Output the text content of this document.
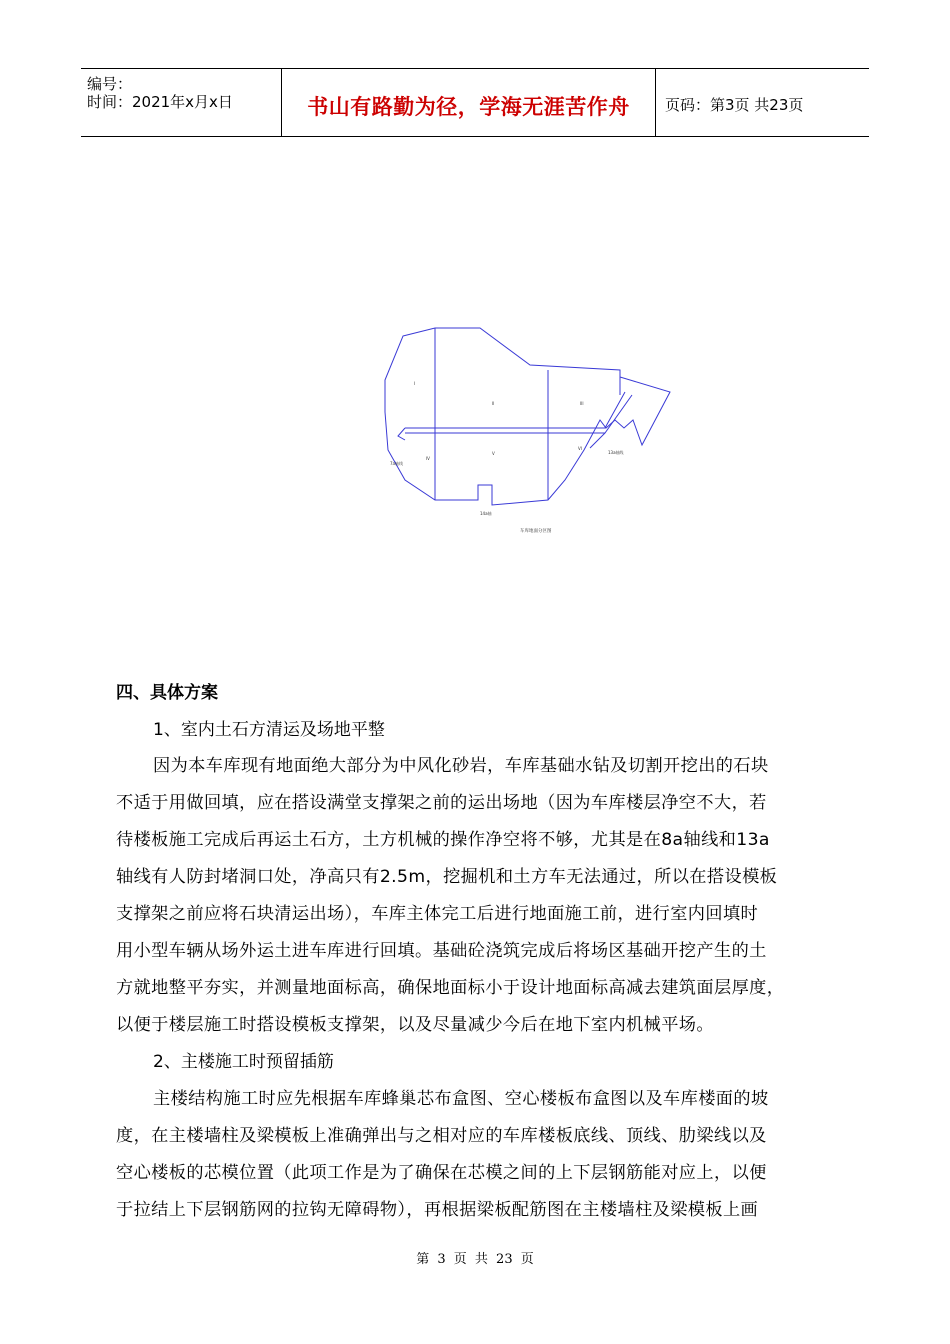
编号：
时间：2021年x月x日	书山有路勤为径，学海无涯苦作舟	页码：第3页 共23页
I
II	III
IV
V
VI
7a轴线
14a轴
13a轴线
车库地面分区图
四、具体方案
1、室内土石方清运及场地平整
因为本车库现有地面绝大部分为中风化砂岩，车库基础水钻及切割开挖出的石块
不适于用做回填，应在搭设满堂支撑架之前的运出场地（因为车库楼层净空不大，若
待楼板施工完成后再运土石方，土方机械的操作净空将不够，尤其是在8a轴线和13a
轴线有人防封堵洞口处，净高只有2.5m，挖掘机和土方车无法通过，所以在搭设模板
支撑架之前应将石块清运出场），车库主体完工后进行地面施工前，进行室内回填时
用小型车辆从场外运土进车库进行回填。基础砼浇筑完成后将场区基础开挖产生的土
方就地整平夯实，并测量地面标高，确保地面标小于设计地面标高减去建筑面层厚度，
以便于楼层施工时搭设模板支撑架，以及尽量减少今后在地下室内机械平场。
2、主楼施工时预留插筋
主楼结构施工时应先根据车库蜂巢芯布盒图、空心楼板布盒图以及车库楼面的坡
度，在主楼墙柱及梁模板上准确弹出与之相对应的车库楼板底线、顶线、肋梁线以及
空心楼板的芯模位置（此项工作是为了确保在芯模之间的上下层钢筋能对应上，以便
于拉结上下层钢筋网的拉钩无障碍物），再根据梁板配筋图在主楼墙柱及梁模板上画
第 3 页 共 23 页
